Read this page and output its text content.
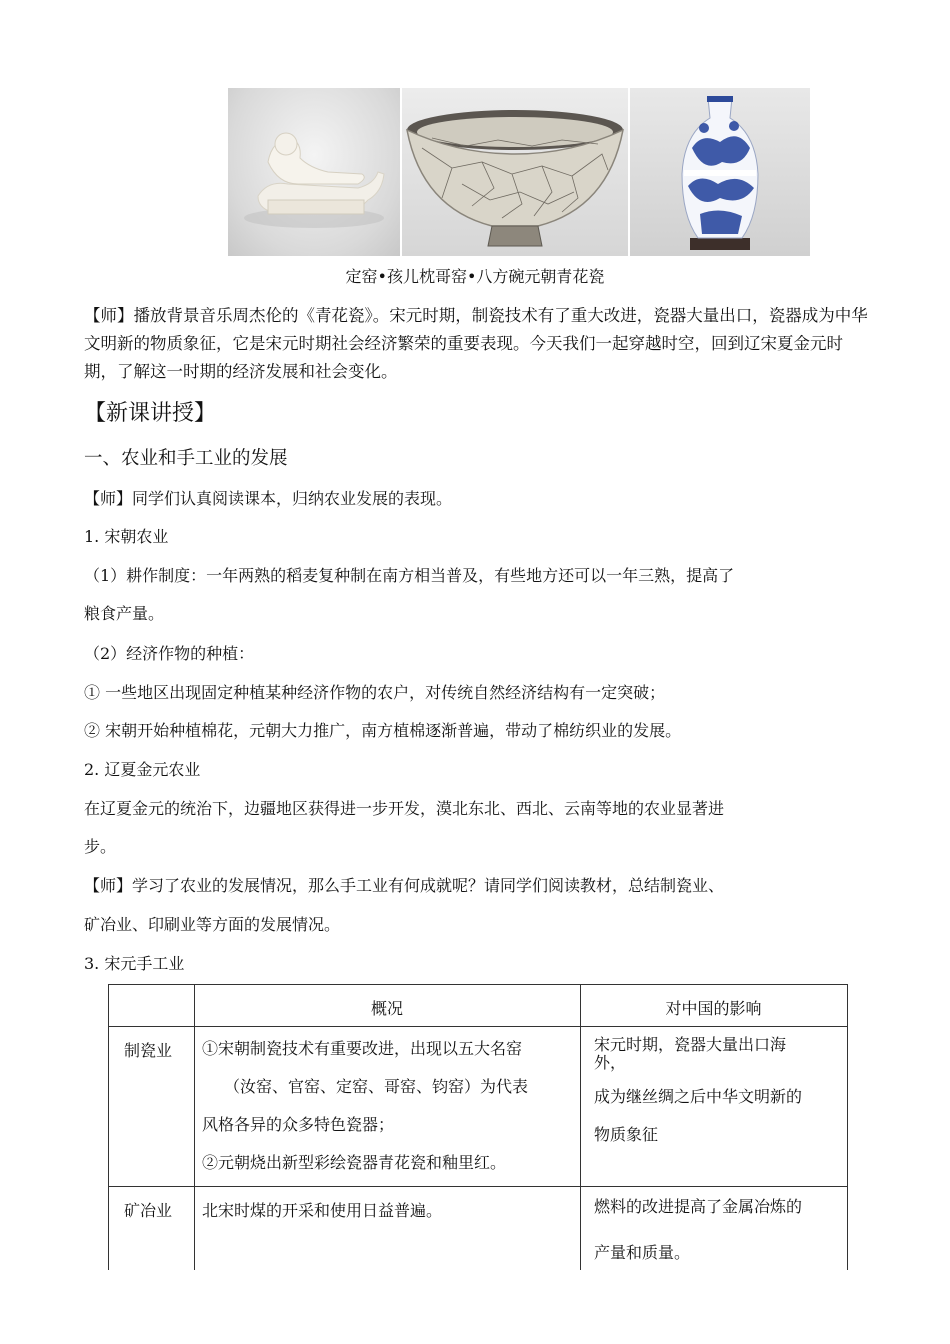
定窑•孩儿枕哥窑•八方碗元朝青花瓷
【师】播放背景音乐周杰伦的《青花瓷》。宋元时期，制瓷技术有了重大改进，瓷器大量出口，瓷器成为中华文明新的物质象征，它是宋元时期社会经济繁荣的重要表现。今天我们一起穿越时空，回到辽宋夏金元时期，了解这一时期的经济发展和社会变化。
【新课讲授】
一、农业和手工业的发展
【师】同学们认真阅读课本，归纳农业发展的表现。
1. 宋朝农业
（1）耕作制度：一年两熟的稻麦复种制在南方相当普及，有些地方还可以一年三熟，提高了
粮食产量。
（2）经济作物的种植：
① 一些地区出现固定种植某种经济作物的农户，对传统自然经济结构有一定突破；
② 宋朝开始种植棉花，元朝大力推广，南方植棉逐渐普遍，带动了棉纺织业的发展。
2. 辽夏金元农业
在辽夏金元的统治下，边疆地区获得进一步开发，漠北东北、西北、云南等地的农业显著进
步。
【师】学习了农业的发展情况，那么手工业有何成就呢？请同学们阅读教材，总结制瓷业、
矿冶业、印刷业等方面的发展情况。
3. 宋元手工业
概况	对中国的影响
制瓷业 ①宋朝制瓷技术有重要改进，出现以五大名窑
（汝窑、官窑、定窑、哥窑、钧窑）为代表
风格各异的众多特色瓷器；
②元朝烧出新型彩绘瓷器青花瓷和釉里红。
宋元时期，瓷器大量出口海
外，
成为继丝绸之后中华文明新的
物质象征
矿冶业 北宋时煤的开采和使用日益普遍。	燃料的改进提高了金属冶炼的
产量和质量。
